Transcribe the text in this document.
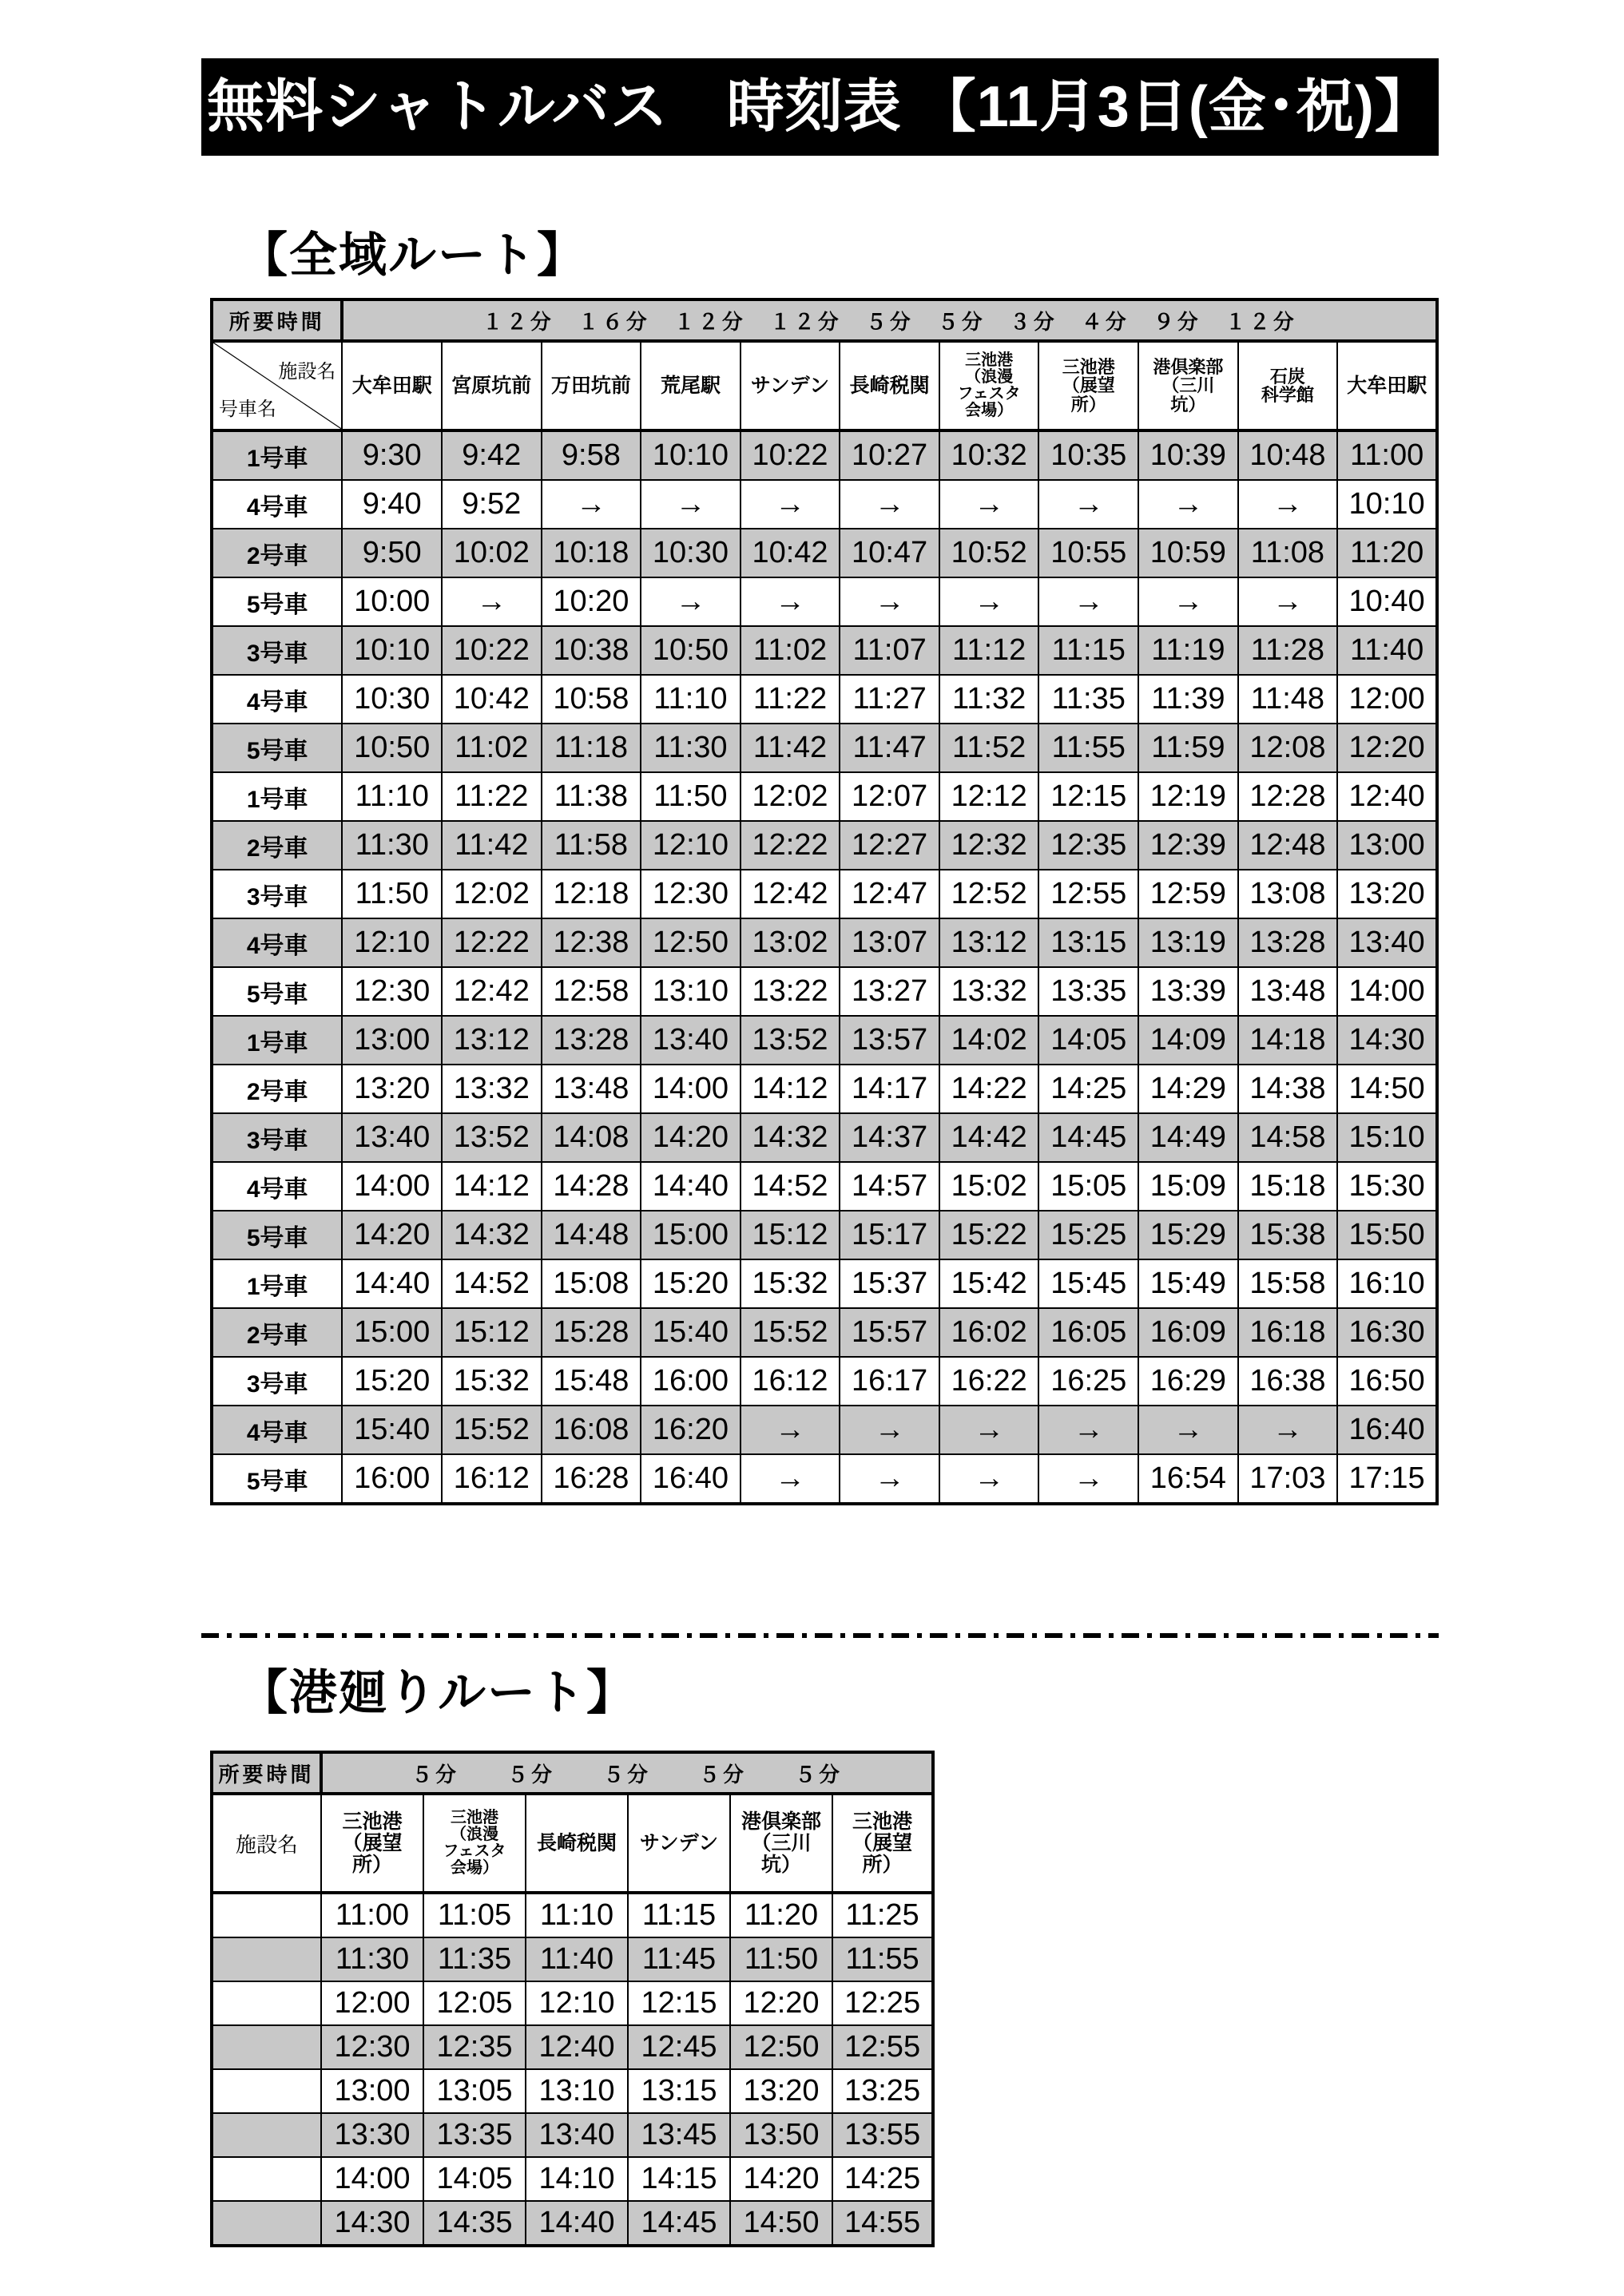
無料シャトルバス　時刻表 【11月3日(金･祝)】
【全域ルート】
所要時間	１２分　１６分　１２分　１２分　５分　５分　３分　４分　９分　１２分										

施設名
号車名	大牟田駅	宮原坑前	万田坑前	荒尾駅	サンデン	長崎税関	三池港
（浪漫
フェスタ
会場）	三池港
（展望
所）	港倶楽部
（三川
坑）	石炭
科学館	大牟田駅
1号車	9:30	9:42	9:58	10:10	10:22	10:27	10:32	10:35	10:39	10:48	11:00
4号車	9:40	9:52	→	→	→	→	→	→	→	→	10:10
2号車	9:50	10:02	10:18	10:30	10:42	10:47	10:52	10:55	10:59	11:08	11:20
5号車	10:00	→	10:20	→	→	→	→	→	→	→	10:40
3号車	10:10	10:22	10:38	10:50	11:02	11:07	11:12	11:15	11:19	11:28	11:40
4号車	10:30	10:42	10:58	11:10	11:22	11:27	11:32	11:35	11:39	11:48	12:00
5号車	10:50	11:02	11:18	11:30	11:42	11:47	11:52	11:55	11:59	12:08	12:20
1号車	11:10	11:22	11:38	11:50	12:02	12:07	12:12	12:15	12:19	12:28	12:40
2号車	11:30	11:42	11:58	12:10	12:22	12:27	12:32	12:35	12:39	12:48	13:00
3号車	11:50	12:02	12:18	12:30	12:42	12:47	12:52	12:55	12:59	13:08	13:20
4号車	12:10	12:22	12:38	12:50	13:02	13:07	13:12	13:15	13:19	13:28	13:40
5号車	12:30	12:42	12:58	13:10	13:22	13:27	13:32	13:35	13:39	13:48	14:00
1号車	13:00	13:12	13:28	13:40	13:52	13:57	14:02	14:05	14:09	14:18	14:30
2号車	13:20	13:32	13:48	14:00	14:12	14:17	14:22	14:25	14:29	14:38	14:50
3号車	13:40	13:52	14:08	14:20	14:32	14:37	14:42	14:45	14:49	14:58	15:10
4号車	14:00	14:12	14:28	14:40	14:52	14:57	15:02	15:05	15:09	15:18	15:30
5号車	14:20	14:32	14:48	15:00	15:12	15:17	15:22	15:25	15:29	15:38	15:50
1号車	14:40	14:52	15:08	15:20	15:32	15:37	15:42	15:45	15:49	15:58	16:10
2号車	15:00	15:12	15:28	15:40	15:52	15:57	16:02	16:05	16:09	16:18	16:30
3号車	15:20	15:32	15:48	16:00	16:12	16:17	16:22	16:25	16:29	16:38	16:50
4号車	15:40	15:52	16:08	16:20	→	→	→	→	→	→	16:40
5号車	16:00	16:12	16:28	16:40	→	→	→	→	16:54	17:03	17:15
【港廻りルート】
所要時間	５分　　５分　　５分　　５分　　５分					
施設名	三池港
（展望
所）	三池港
（浪漫
フェスタ
会場）	長崎税関	サンデン	港倶楽部
（三川
坑）	三池港
（展望
所）
	11:00	11:05	11:10	11:15	11:20	11:25
	11:30	11:35	11:40	11:45	11:50	11:55
	12:00	12:05	12:10	12:15	12:20	12:25
	12:30	12:35	12:40	12:45	12:50	12:55
	13:00	13:05	13:10	13:15	13:20	13:25
	13:30	13:35	13:40	13:45	13:50	13:55
	14:00	14:05	14:10	14:15	14:20	14:25
	14:30	14:35	14:40	14:45	14:50	14:55
